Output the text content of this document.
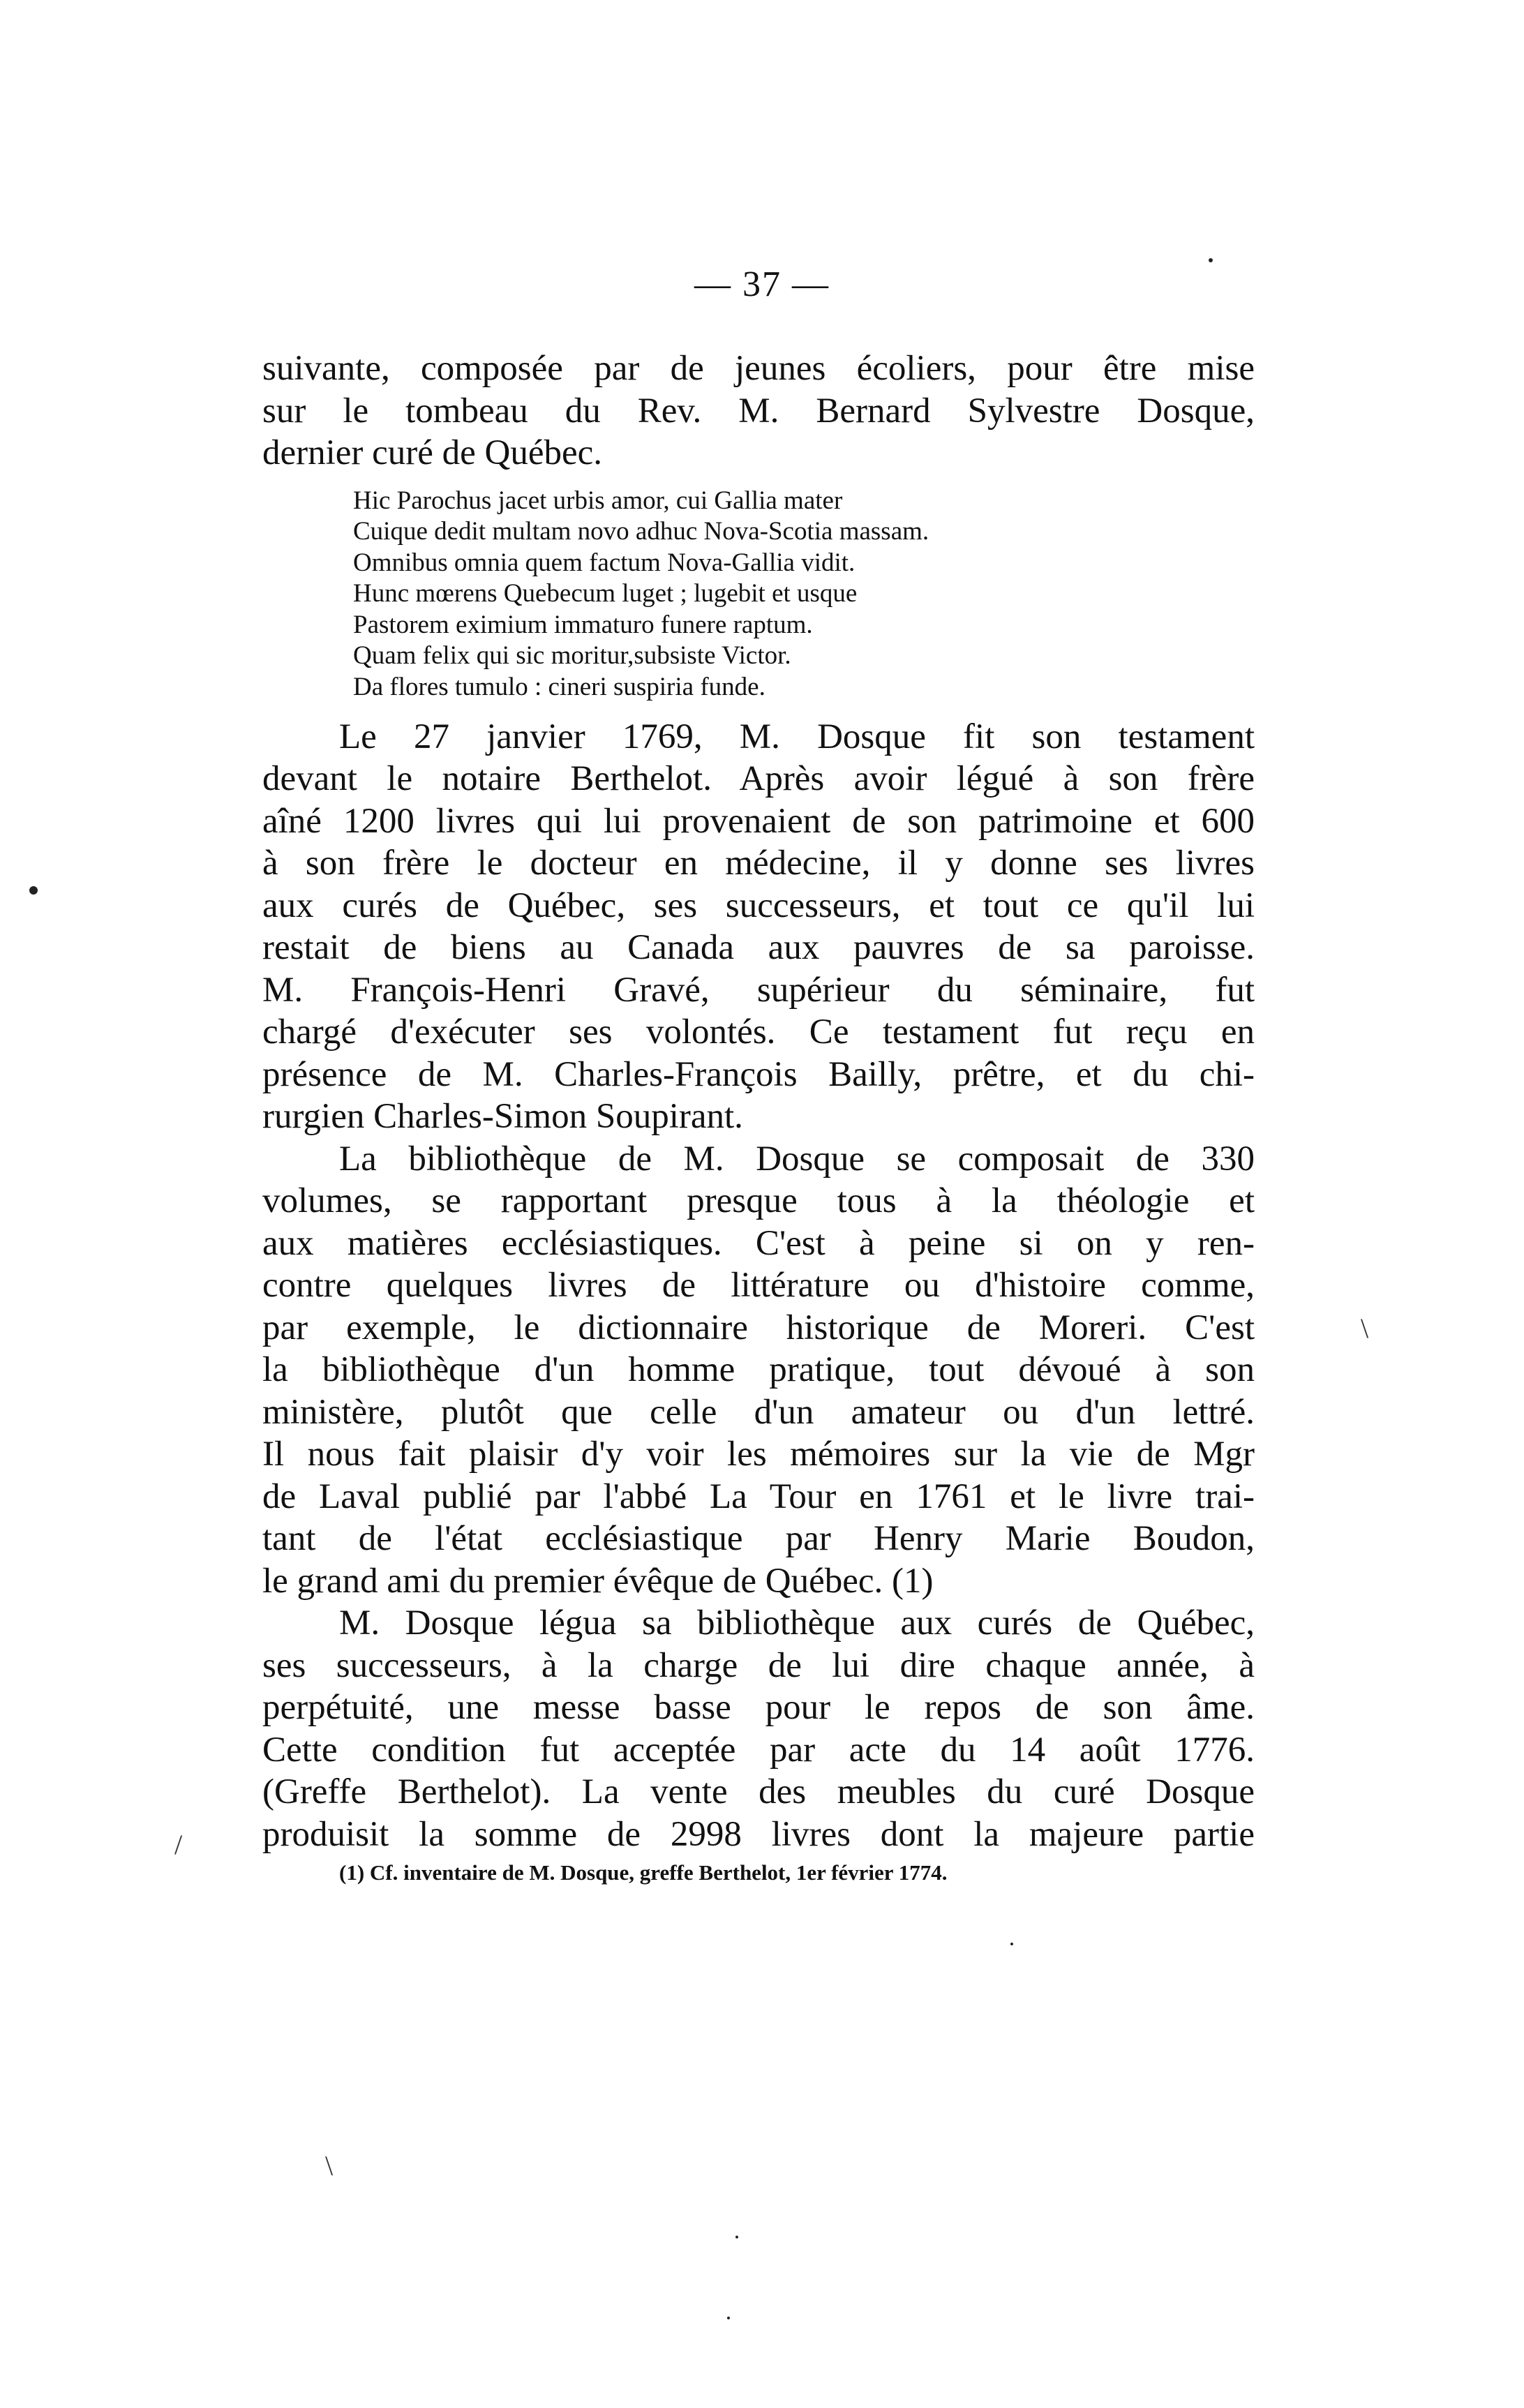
— 37 —
suivante, composée par de jeunes écoliers, pour être mise
sur le tombeau du Rev. M. Bernard Sylvestre Dosque,
dernier curé de Québec.
Hic Parochus jacet urbis amor, cui Gallia mater
Cuique dedit multam novo adhuc Nova-Scotia massam.
Omnibus omnia quem factum Nova-Gallia vidit.
Hunc mœrens Quebecum luget ; lugebit et usque
Pastorem eximium immaturo funere raptum.
Quam felix qui sic moritur,subsiste Victor.
Da flores tumulo : cineri suspiria funde.
Le 27 janvier 1769, M. Dosque fit son testament
devant le notaire Berthelot. Après avoir légué à son frère
aîné 1200 livres qui lui provenaient de son patrimoine et 600
à son frère le docteur en médecine, il y donne ses livres
aux curés de Québec, ses successeurs, et tout ce qu'il lui
restait de biens au Canada aux pauvres de sa paroisse.
M. François-Henri Gravé, supérieur du séminaire, fut
chargé d'exécuter ses volontés. Ce testament fut reçu en
présence de M. Charles-François Bailly, prêtre, et du chi-
rurgien Charles-Simon Soupirant.
La bibliothèque de M. Dosque se composait de 330
volumes, se rapportant presque tous à la théologie et
aux matières ecclésiastiques. C'est à peine si on y ren-
contre quelques livres de littérature ou d'histoire comme,
par exemple, le dictionnaire historique de Moreri. C'est
la bibliothèque d'un homme pratique, tout dévoué à son
ministère, plutôt que celle d'un amateur ou d'un lettré.
Il nous fait plaisir d'y voir les mémoires sur la vie de Mgr
de Laval publié par l'abbé La Tour en 1761 et le livre trai-
tant de l'état ecclésiastique par Henry Marie Boudon,
le grand ami du premier évêque de Québec. (1)
M. Dosque légua sa bibliothèque aux curés de Québec,
ses successeurs, à la charge de lui dire chaque année, à
perpétuité, une messe basse pour le repos de son âme.
Cette condition fut acceptée par acte du 14 août 1776.
(Greffe Berthelot). La vente des meubles du curé Dosque
produisit la somme de 2998 livres dont la majeure partie
(1) Cf. inventaire de M. Dosque, greffe Berthelot, 1er février 1774.
\
/
\
